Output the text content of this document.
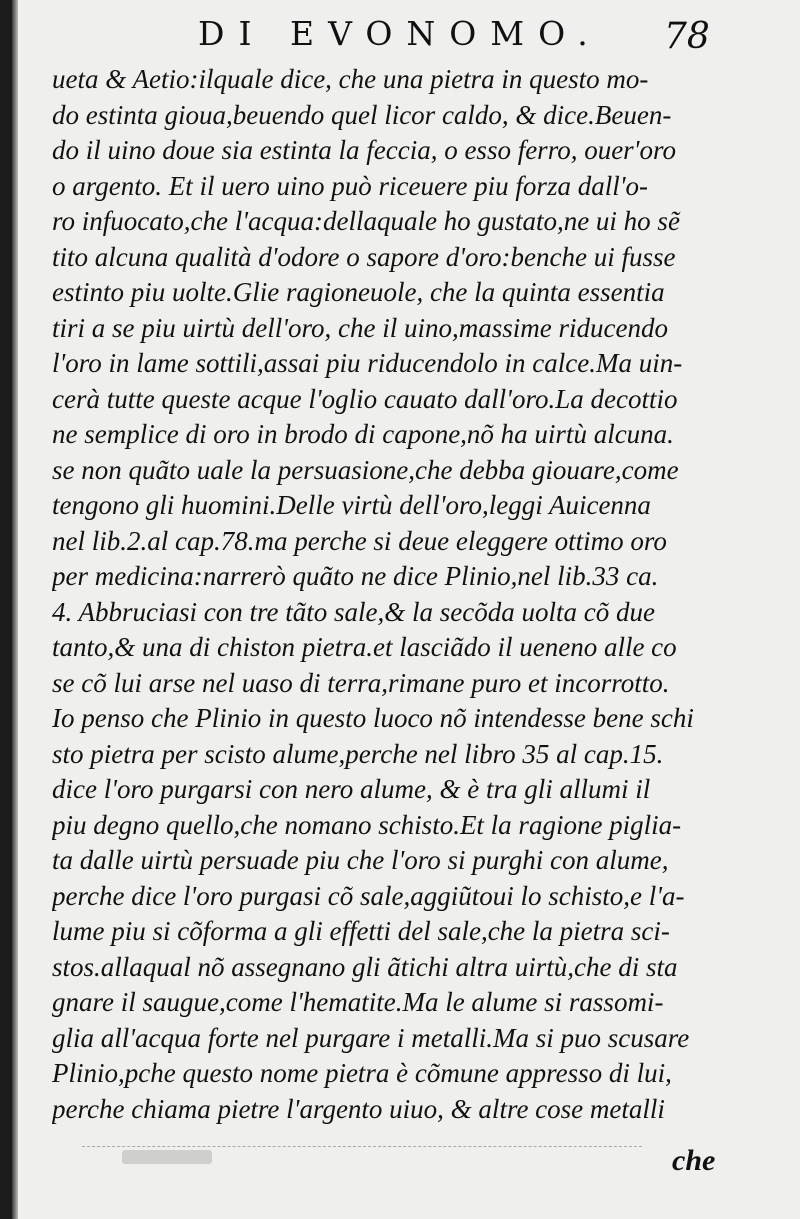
DI EVONOMO. 78
ueta & Aetio:ilquale dice, che una pietra in questo mo-
do estinta gioua,beuendo quel licor caldo, & dice.Beuen-
do il uino doue sia estinta la feccia, o esso ferro, ouer'oro
o argento. Et il uero uino può riceuere piu forza dall'o-
ro infuocato,che l'acqua:dellaquale ho gustato,ne ui ho sẽ
tito alcuna qualità d'odore o sapore d'oro:benche ui fusse
estinto piu uolte.Glie ragioneuole, che la quinta essentia
tiri a se piu uirtù dell'oro, che il uino,massime riducendo
l'oro in lame sottili,assai piu riducendolo in calce.Ma uin-
cerà tutte queste acque l'oglio cauato dall'oro.La decottio
ne semplice di oro in brodo di capone,nõ ha uirtù alcuna.
se non quãto uale la persuasione,che debba giouare,come
tengono gli huomini.Delle virtù dell'oro,leggi Auicenna
nel lib.2.al cap.78.ma perche si deue eleggere ottimo oro
per medicina:narrerò quãto ne dice Plinio,nel lib.33 ca.
4. Abbruciasi con tre tãto sale,& la secõda uolta cõ due
tanto,& una di chiston pietra.et lasciãdo il ueneno alle co
se cõ lui arse nel uaso di terra,rimane puro et incorrotto.
Io penso che Plinio in questo luoco nõ intendesse bene schi
sto pietra per scisto alume,perche nel libro 35 al cap.15.
dice l'oro purgarsi con nero alume, & è tra gli allumi il
piu degno quello,che nomano schisto.Et la ragione piglia-
ta dalle uirtù persuade piu che l'oro si purghi con alume,
perche dice l'oro purgasi cõ sale,aggiũtoui lo schisto,e l'a-
lume piu si cõforma a gli effetti del sale,che la pietra sci-
stos.allaqual nõ assegnano gli ãtichi altra uirtù,che di sta
gnare il saugue,come l'hematite.Ma le alume si rassomi-
glia all'acqua forte nel purgare i metalli.Ma si puo scusare
Plinio,pche questo nome pietra è cõmune appresso di lui,
perche chiama pietre l'argento uiuo, & altre cose metalli
che
